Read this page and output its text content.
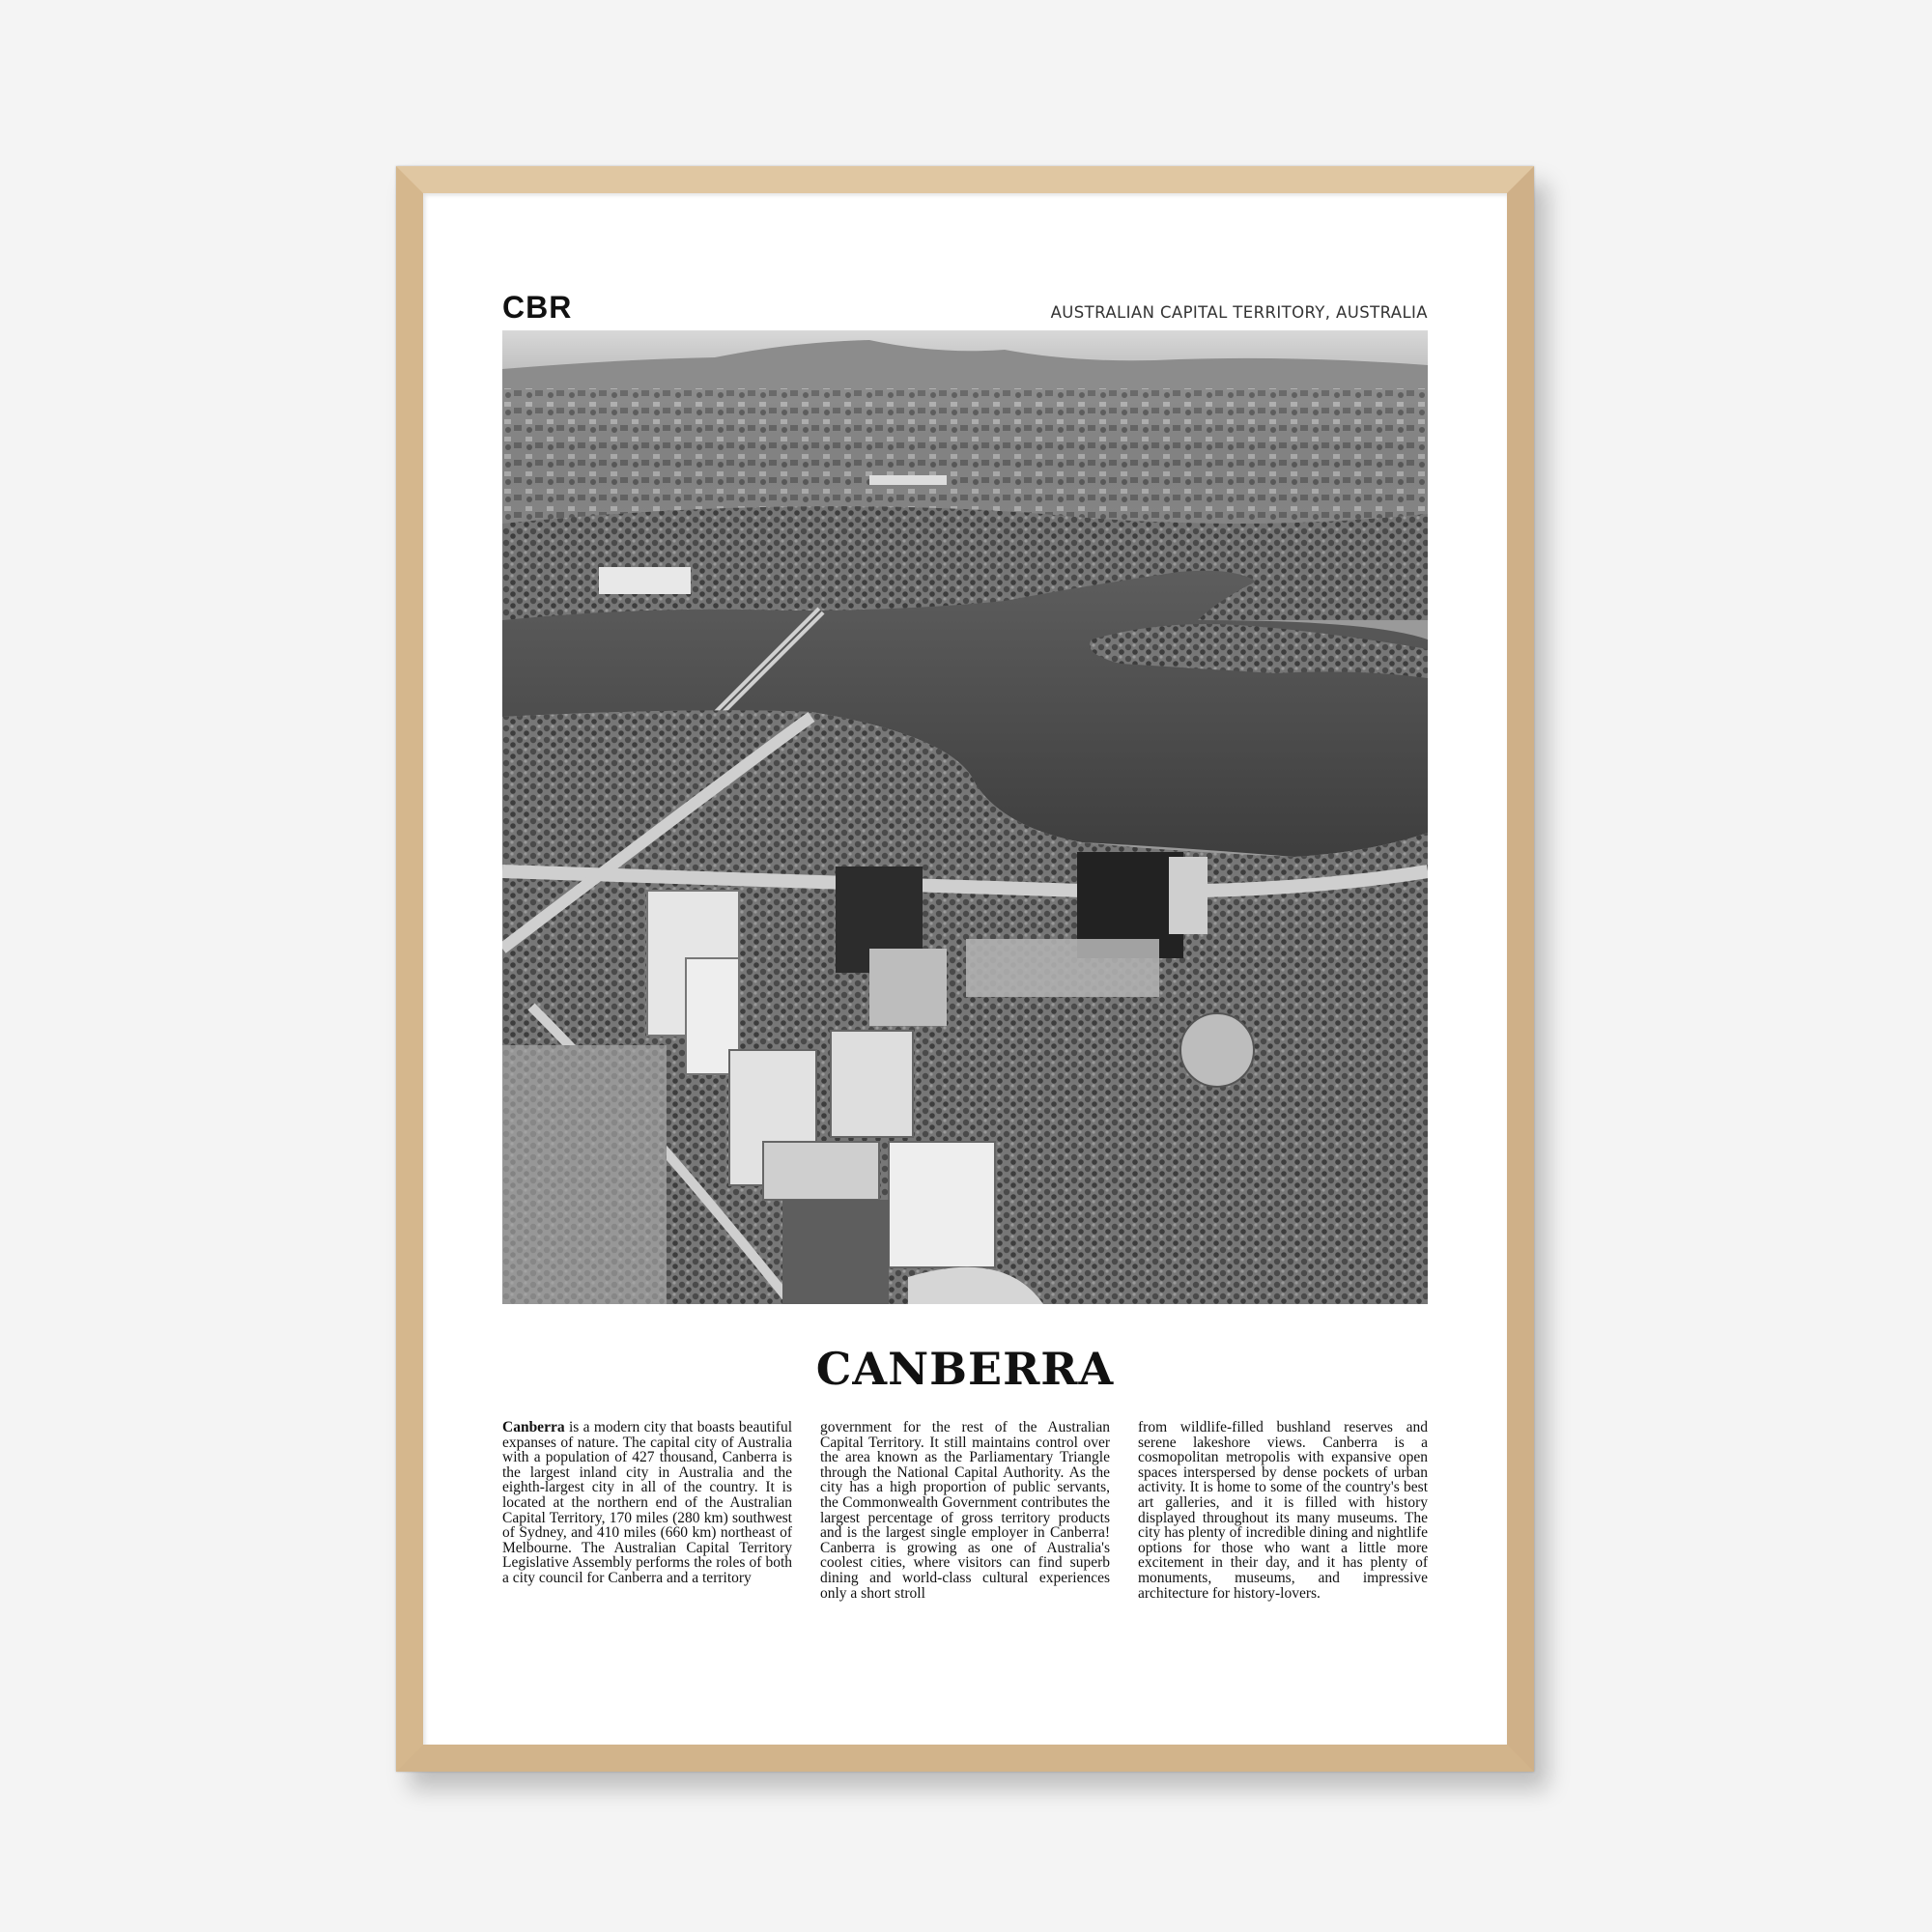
CBR	AUSTRALIAN CAPITAL TERRITORY, AUSTRALIA
CANBERRA
Canberra is a modern city that boasts beautiful expanses of nature. The capital city of Australia with a population of 427 thousand, Canberra is the largest inland city in Australia and the eighth-largest city in all of the country. It is located at the northern end of the Australian Capital Territory, 170 miles (280 km) southwest of Sydney, and 410 miles (660 km) northeast of Melbourne. The Australian Capital Territory Legislative Assembly performs the roles of both a city council for Canberra and a territory
government for the rest of the Australian Capital Territory. It still maintains control over the area known as the Parliamentary Triangle through the National Capital Authority. As the city has a high proportion of public servants, the Commonwealth Government contributes the largest percentage of gross territory products and is the largest single employer in Canberra! Canberra is growing as one of Australia's coolest cities, where visitors can find superb dining and world-class cultural experiences only a short stroll
from wildlife-filled bushland reserves and serene lakeshore views. Canberra is a cosmopolitan metropolis with expansive open spaces interspersed by dense pockets of urban activity. It is home to some of the country's best art galleries, and it is filled with history displayed throughout its many museums. The city has plenty of incredible dining and nightlife options for those who want a little more excitement in their day, and it has plenty of monuments, museums, and impressive architecture for history-lovers.
